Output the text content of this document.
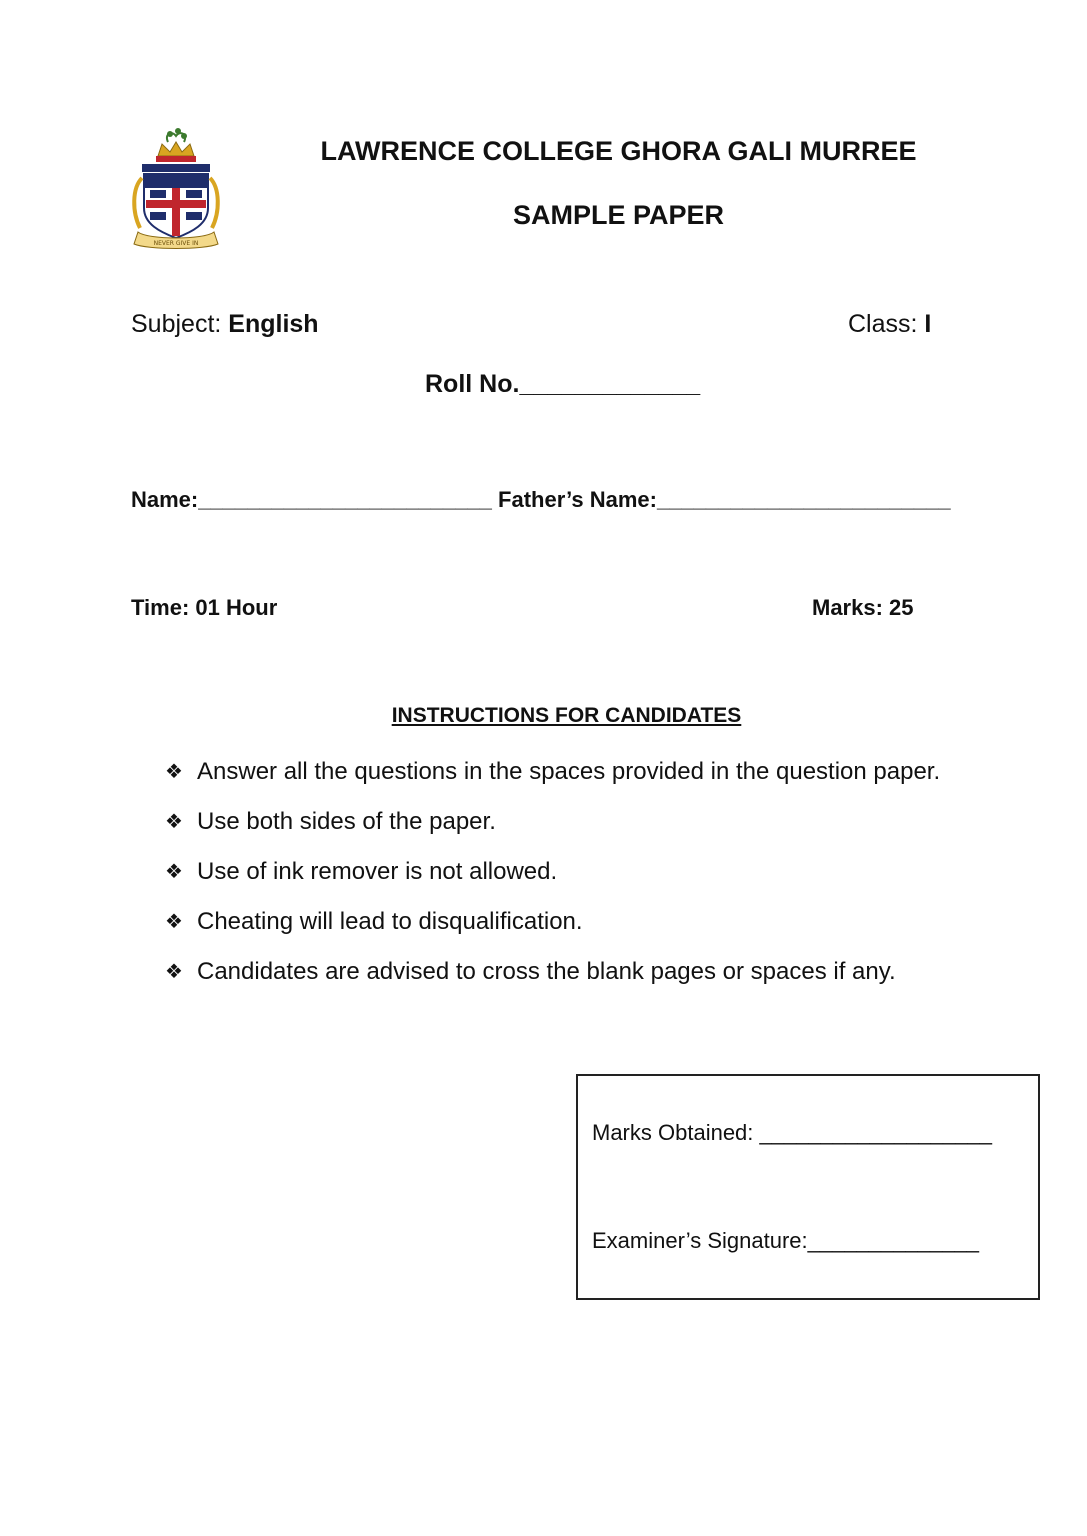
NEVER GIVE IN
LAWRENCE COLLEGE GHORA GALI MURREE
SAMPLE PAPER
Subject: English	Class: I
Roll No._____________
Name:________________________ Father’s Name:________________________
Time: 01 Hour	Marks: 25
INSTRUCTIONS FOR CANDIDATES
❖ Answer all the questions in the spaces provided in the question paper.
❖ Use both sides of the paper.
❖ Use of ink remover is not allowed.
❖ Cheating will lead to disqualification.
❖ Candidates are advised to cross the blank pages or spaces if any.
Marks Obtained: ___________________
Examiner’s Signature:______________
